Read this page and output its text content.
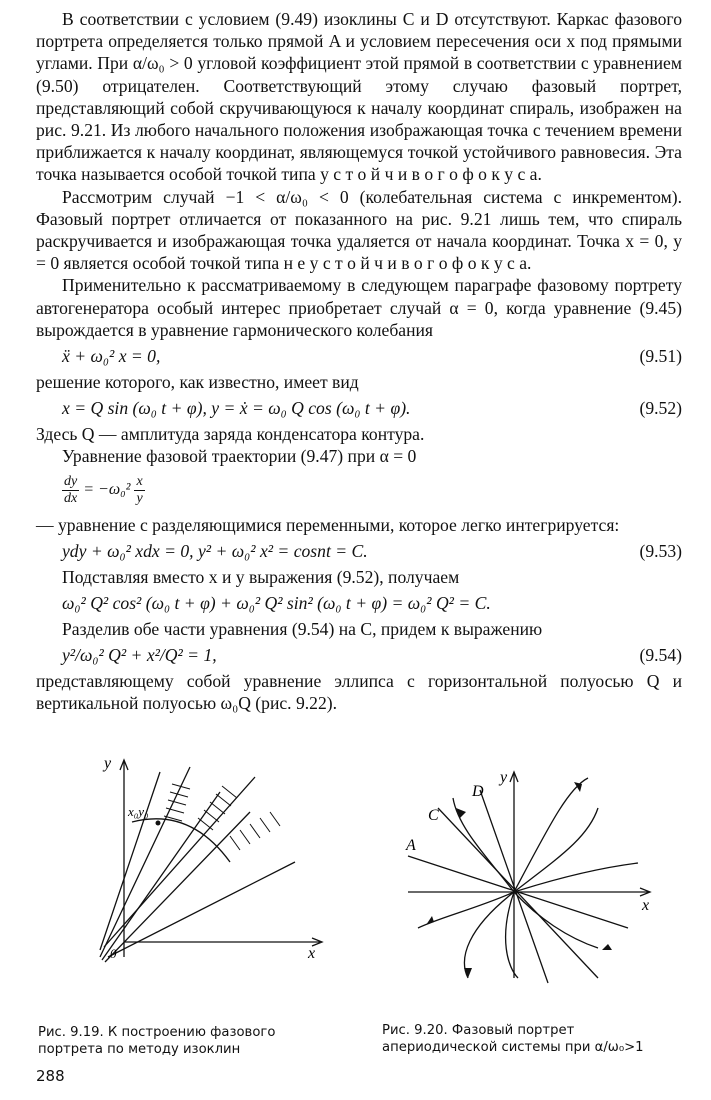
В соответствии с условием (9.49) изоклины C и D отсутствуют. Каркас фазового портрета определяется только прямой A и условием пересечения оси x под прямыми углами. При α/ω₀ > 0 угловой коэффициент этой прямой в соответствии с уравнением (9.50) отрицателен. Соответствующий этому случаю фазовый портрет, представляющий собой скручивающуюся к началу координат спираль, изображен на рис. 9.21. Из любого начального положения изображающая точка с течением времени приближается к началу координат, являющемуся точкой устойчивого равновесия. Эта точка называется особой точкой типа у с т о й ч и в о г о ф о к у с а.

Рассмотрим случай −1 < α/ω₀ < 0 (колебательная система с инкрементом). Фазовый портрет отличается от показанного на рис. 9.21 лишь тем, что спираль раскручивается и изображающая точка удаляется от начала координат. Точка x = 0, y = 0 является особой точкой типа н е у с т о й ч и в о г о ф о к у с а.

Применительно к рассматриваемому в следующем параграфе фазовому портрету автогенератора особый интерес приобретает случай α = 0, когда уравнение (9.45) вырождается в уравнение гармонического колебания

ẍ + ω₀² x = 0,	(9.51)

решение которого, как известно, имеет вид

x = Q sin (ω₀ t + φ), y = ẋ = ω₀ Q cos (ω₀ t + φ).	(9.52)

Здесь Q — амплитуда заряда конденсатора контура.

Уравнение фазовой траектории (9.47) при α = 0

$\frac{dy}{dx} = -\omega_0^2 \frac{x}{y}$

— уравнение с разделяющимися переменными, которое легко интегрируется:

ydy + ω₀² xdx = 0, y² + ω₀² x² = cosnt = C.	(9.53)

Подставляя вместо x и y выражения (9.52), получаем

ω₀² Q² cos² (ω₀ t + φ) + ω₀² Q² sin² (ω₀ t + φ) = ω₀² Q² = C.

Разделив обе части уравнения (9.54) на C, придем к выражению

y²/ω₀² Q² + x²/Q² = 1,	(9.54)

представляющему собой уравнение эллипса с горизонтальной полуосью Q и вертикальной полуосью ω₀Q (рис. 9.22).

y
x
0
x₀y₀
Рис. 9.19. К построению фазового портрета по методу изоклин
A
C
D
y
x
Рис. 9.20. Фазовый портрет апериодической системы при α/ω₀>1
288
